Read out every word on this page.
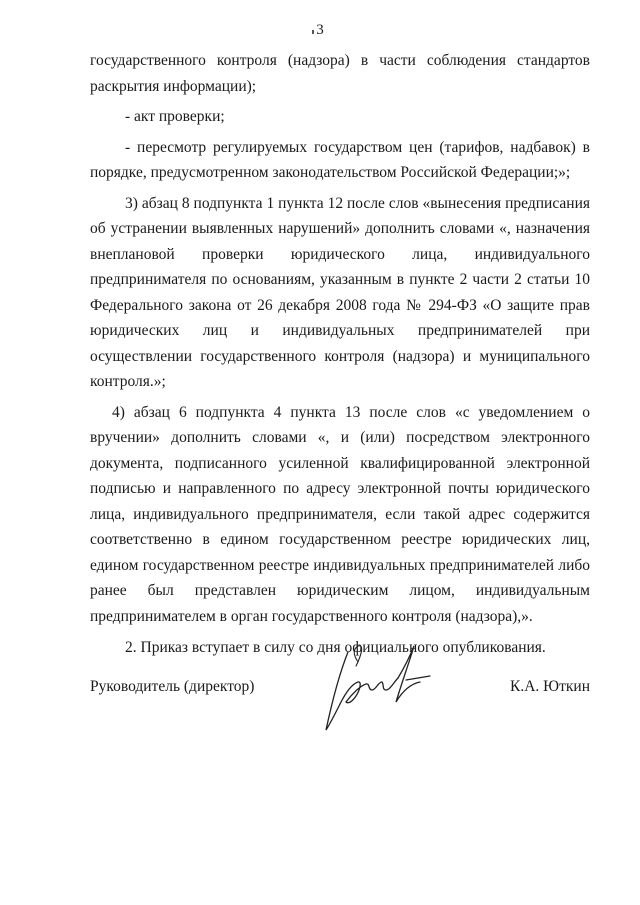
3

государственного контроля (надзора) в части соблюдения стандартов раскрытия информации);

- акт проверки;

- пересмотр регулируемых государством цен (тарифов, надбавок) в порядке, предусмотренном законодательством Российской Федерации;»;

3) абзац 8 подпункта 1 пункта 12 после слов «вынесения предписания об устранении выявленных нарушений» дополнить словами «, назначения внеплановой проверки юридического лица, индивидуального предпринимателя по основаниям, указанным в пункте 2 части 2 статьи 10 Федерального закона от 26 декабря 2008 года № 294-ФЗ «О защите прав юридических лиц и индивидуальных предпринимателей при осуществлении государственного контроля (надзора) и муниципального контроля.»;

4) абзац 6 подпункта 4 пункта 13 после слов «с уведомлением о вручении» дополнить словами «, и (или) посредством электронного документа, подписанного усиленной квалифицированной электронной подписью и направленного по адресу электронной почты юридического лица, индивидуального предпринимателя, если такой адрес содержится соответственно в едином государственном реестре юридических лиц, едином государственном реестре индивидуальных предпринимателей либо ранее был представлен юридическим лицом, индивидуальным предпринимателем в орган государственного контроля (надзора),».

2. Приказ вступает в силу со дня официального опубликования.

Руководитель (директор)	К.А. Юткин
